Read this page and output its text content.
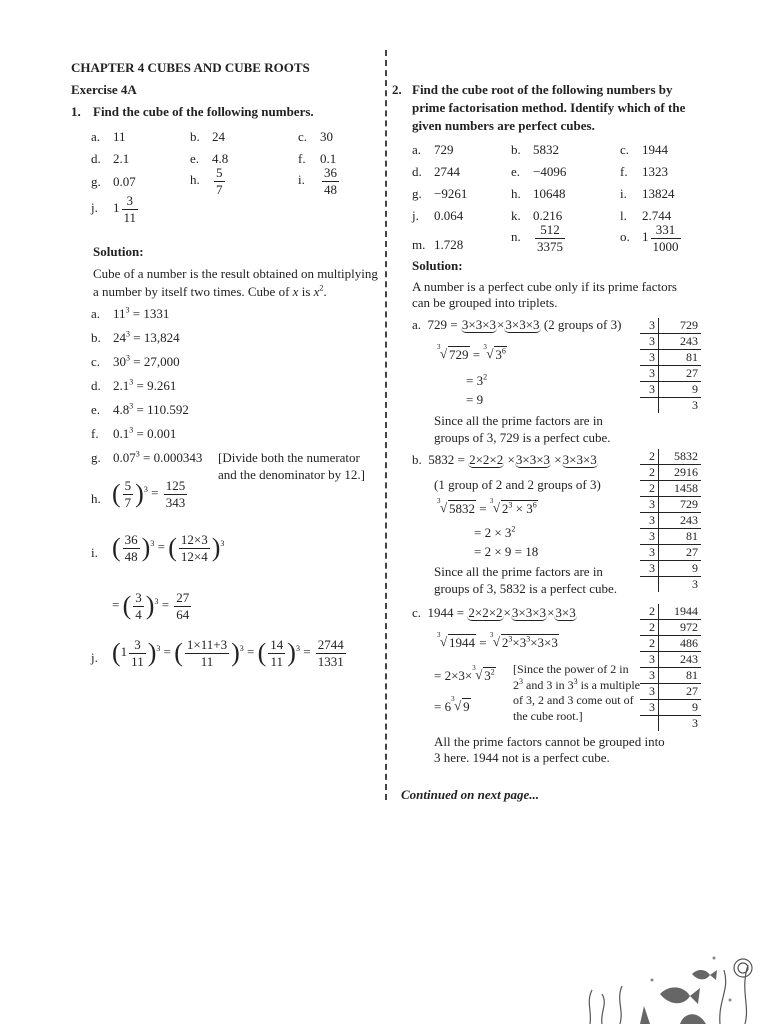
CHAPTER 4 CUBES AND CUBE ROOTS
Exercise 4A
1. Find the cube of the following numbers.
a. 11	b. 24	c. 30
d. 2.1	e. 4.8	f. 0.1
g. 0.07	h. $\frac{5}{7}$	i. $\frac{36}{48}$
j. $1 \frac{3}{11}$
Solution:
Cube of a number is the result obtained on multiplying
a number by itself two times. Cube of x is $x^2$.
a. $11^3 = 1331$
b. $24^3 = 13,824$
c. $30^3 = 27,000$
d. $2.1^3 = 9.261$
e. $4.8^3 = 110.592$
f. $0.1^3 = 0.001$
g. $0.07^3 = 0.000343$ [Divide both the numerator
and the denominator by 12.]
h. ( $\frac{5}{7} )^3 = \frac{125}{343}$
i. ( $\frac{36}{48} )^3$ = ( $\frac{12\times 3}{12\times 4} )^3$
= ( $\frac{3}{4} )^3 = \frac{27}{64}$
j. $(1 \frac{3}{11} )^3$ = ( $\frac{1\times 11+3}{11} )^3$ = ( $\frac{14}{11} )^3 = \frac{2744}{1331}$
2. Find the cube root of the following numbers by
prime factorisation method. Identify which of the
given numbers are perfect cubes.
a. 729	b. 5832	c. 1944
d. 2744	e. −4096	f. 1323
g. −9261	h. 10648	i. 13824
j. 0.064	k. 0.216	l. 2.744
m. 1.728
n. $\frac{512}{3375}$	o. $1 \frac{331}{1000}$
Solution:
A number is a perfect cube only if its prime factors
can be grouped into triplets.
a. 729 = 3×3×3×3×3×3 (2 groups of 3)
3 √ 729 = 3 √ $3^6$
= $3^2$
= 9
Since all the prime factors are in
groups of 3, 729 is a perfect cube.
3	729
3	243
3	81
3	27
3	9
	3
b. 5832 = 2×2×2 ×3×3×3 ×3×3×3
(1 group of 2 and 2 groups of 3)
3 √ 5832 = 3 √ $2^3 \times 3^6$
= $2 \times 3^2$
= 2 × 9 = 18
Since all the prime factors are in
groups of 3, 5832 is a perfect cube.
2	5832
2	2916
2	1458
3	729
3	243
3	81
3	27
3	9
	3
c. 1944 = 2×2×2×3×3×3×3×3
3 √ 1944 = 3 √ $2^3\times 3^3\times 3\times 3$
= 2×3× 3 √ $3^2$
= 6 3 √ 9
[Since the power of 2 in
$2^3$ and 3 in $3^3$ is a multiple
of 3, 2 and 3 come out of
the cube root.]
All the prime factors cannot be grouped into
3 here. 1944 not is a perfect cube.
2	1944
2	972
2	486
3	243
3	81
3	27
3	9
	3
Continued on next page...
